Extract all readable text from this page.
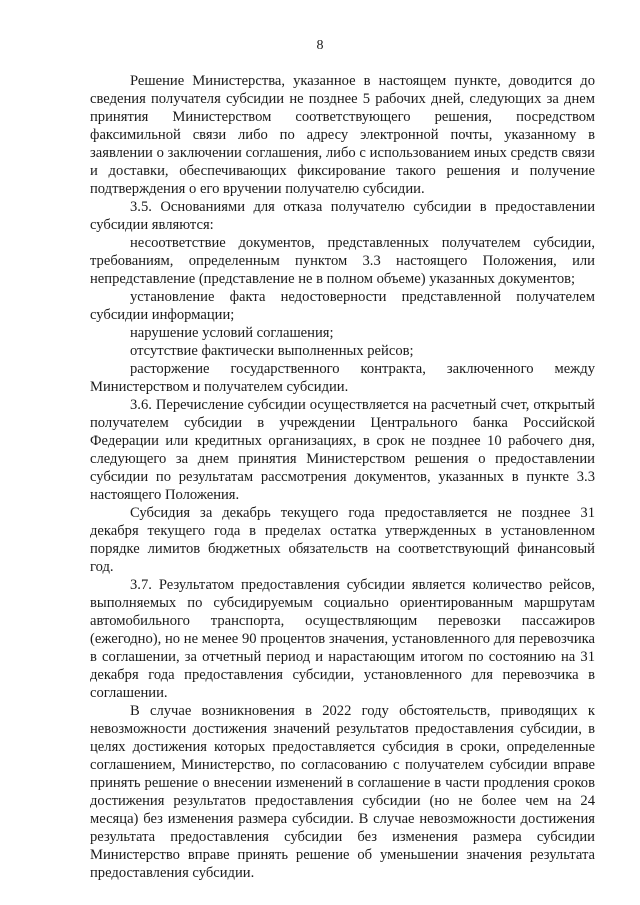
8

Решение Министерства, указанное в настоящем пункте, доводится до сведения получателя субсидии не позднее 5 рабочих дней, следующих за днем принятия Министерством соответствующего решения, посредством факсимильной связи либо по адресу электронной почты, указанному в заявлении о заключении соглашения, либо с использованием иных средств связи и доставки, обеспечивающих фиксирование такого решения и получение подтверждения о его вручении получателю субсидии.

3.5. Основаниями для отказа получателю субсидии в предоставлении субсидии являются:

несоответствие документов, представленных получателем субсидии, требованиям, определенным пунктом 3.3 настоящего Положения, или непредставление (представление не в полном объеме) указанных документов;

установление факта недостоверности представленной получателем субсидии информации;

нарушение условий соглашения;

отсутствие фактически выполненных рейсов;

расторжение государственного контракта, заключенного между Министерством и получателем субсидии.

3.6. Перечисление субсидии осуществляется на расчетный счет, открытый получателем субсидии в учреждении Центрального банка Российской Федерации или кредитных организациях, в срок не позднее 10 рабочего дня, следующего за днем принятия Министерством решения о предоставлении субсидии по результатам рассмотрения документов, указанных в пункте 3.3 настоящего Положения.

Субсидия за декабрь текущего года предоставляется не позднее 31 декабря текущего года в пределах остатка утвержденных в установленном порядке лимитов бюджетных обязательств на соответствующий финансовый год.

3.7. Результатом предоставления субсидии является количество рейсов, выполняемых по субсидируемым социально ориентированным маршрутам автомобильного транспорта, осуществляющим перевозки пассажиров (ежегодно), но не менее 90 процентов значения, установленного для перевозчика в соглашении, за отчетный период и нарастающим итогом по состоянию на 31 декабря года предоставления субсидии, установленного для перевозчика в соглашении.

В случае возникновения в 2022 году обстоятельств, приводящих к невозможности достижения значений результатов предоставления субсидии, в целях достижения которых предоставляется субсидия в сроки, определенные соглашением, Министерство, по согласованию с получателем субсидии вправе принять решение о внесении изменений в соглашение в части продления сроков достижения результатов предоставления субсидии (но не более чем на 24 месяца) без изменения размера субсидии. В случае невозможности достижения результата предоставления субсидии без изменения размера субсидии Министерство вправе принять решение об уменьшении значения результата предоставления субсидии.
